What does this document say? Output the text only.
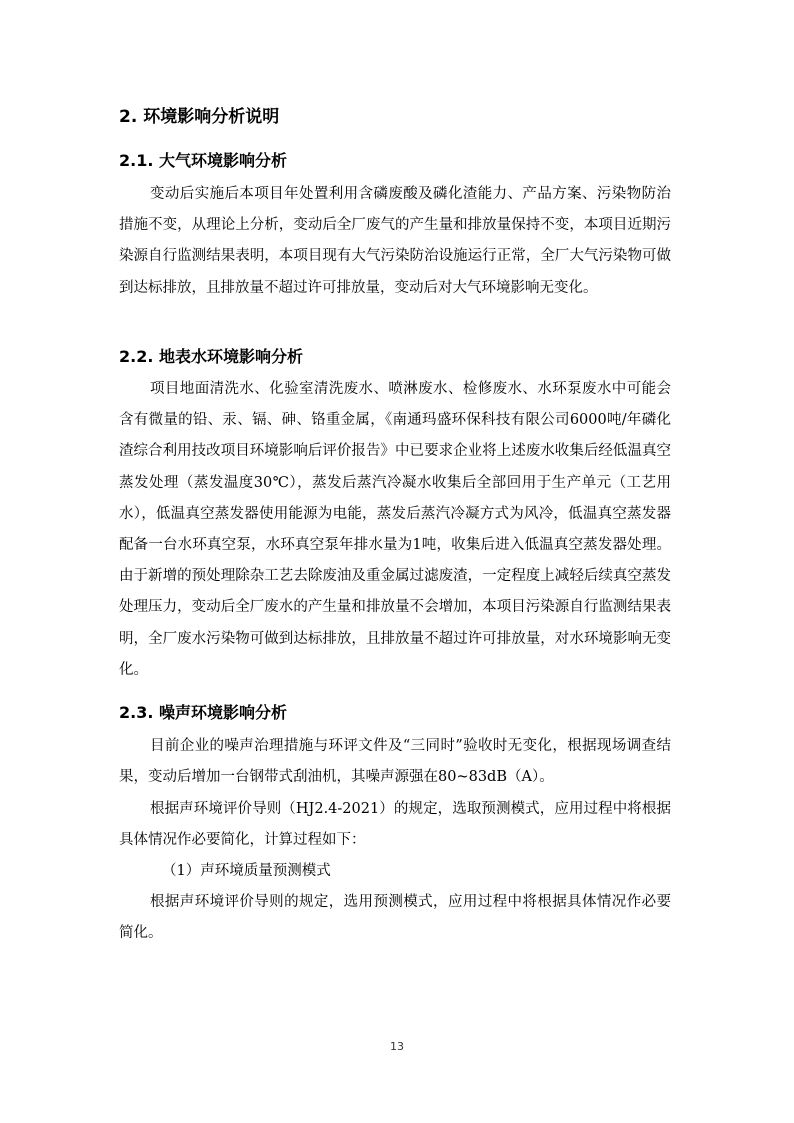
2. 环境影响分析说明
2.1. 大气环境影响分析
变动后实施后本项目年处置利用含磷废酸及磷化渣能力、产品方案、污染物防治措施不变，从理论上分析，变动后全厂废气的产生量和排放量保持不变，本项目近期污染源自行监测结果表明，本项目现有大气污染防治设施运行正常，全厂大气污染物可做到达标排放，且排放量不超过许可排放量，变动后对大气环境影响无变化。
2.2. 地表水环境影响分析
项目地面清洗水、化验室清洗废水、喷淋废水、检修废水、水环泵废水中可能会含有微量的铅、汞、镉、砷、铬重金属，《南通玛盛环保科技有限公司6000吨/年磷化渣综合利用技改项目环境影响后评价报告》中已要求企业将上述废水收集后经低温真空蒸发处理（蒸发温度30℃），蒸发后蒸汽冷凝水收集后全部回用于生产单元（工艺用水），低温真空蒸发器使用能源为电能，蒸发后蒸汽冷凝方式为风冷，低温真空蒸发器配备一台水环真空泵，水环真空泵年排水量为1吨，收集后进入低温真空蒸发器处理。由于新增的预处理除杂工艺去除废油及重金属过滤废渣，一定程度上减轻后续真空蒸发处理压力，变动后全厂废水的产生量和排放量不会增加，本项目污染源自行监测结果表明，全厂废水污染物可做到达标排放，且排放量不超过许可排放量，对水环境影响无变化。
2.3. 噪声环境影响分析
目前企业的噪声治理措施与环评文件及“三同时”验收时无变化，根据现场调查结果，变动后增加一台钢带式刮油机，其噪声源强在80~83dB（A）。
根据声环境评价导则（HJ2.4-2021）的规定，选取预测模式，应用过程中将根据具体情况作必要简化，计算过程如下：
（1）声环境质量预测模式
根据声环境评价导则的规定，选用预测模式，应用过程中将根据具体情况作必要简化。
13
